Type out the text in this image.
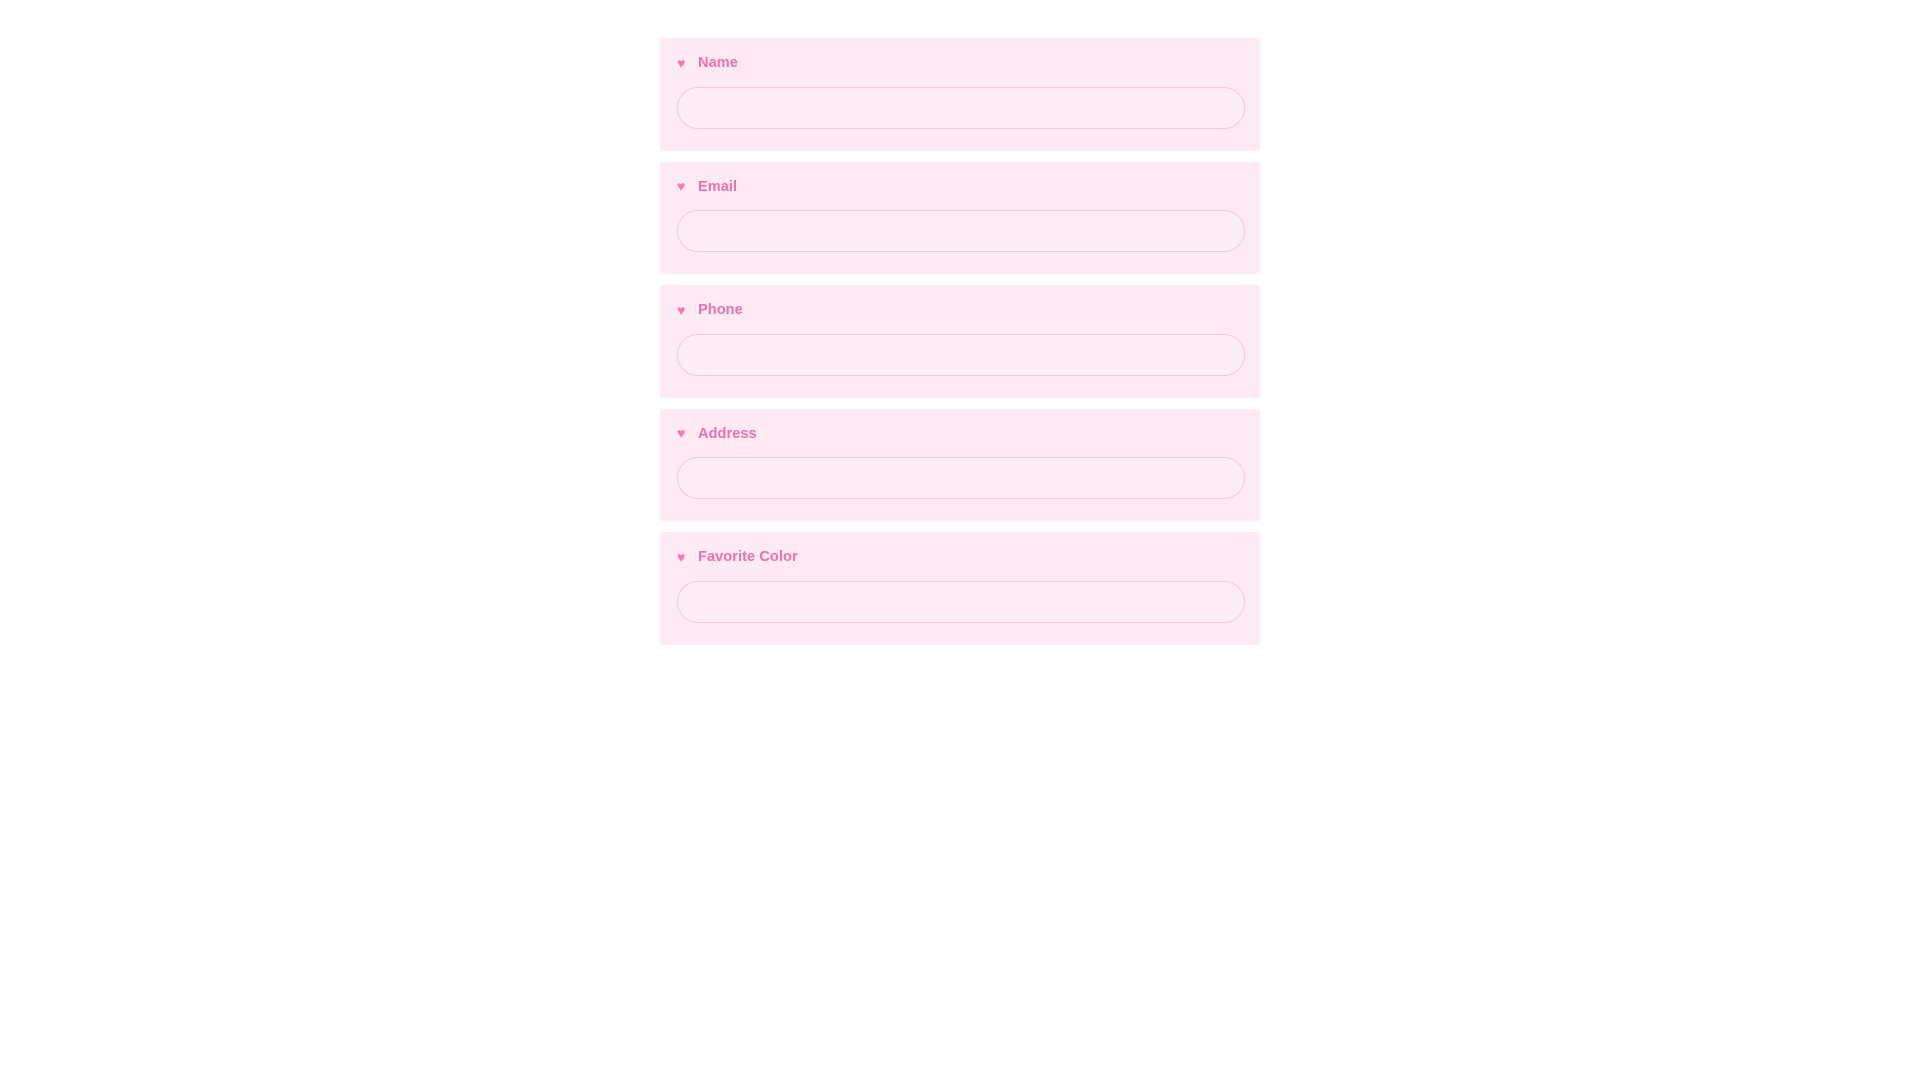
♥ Name
♥ Email
♥ Phone
♥ Address
♥ Favorite Color
